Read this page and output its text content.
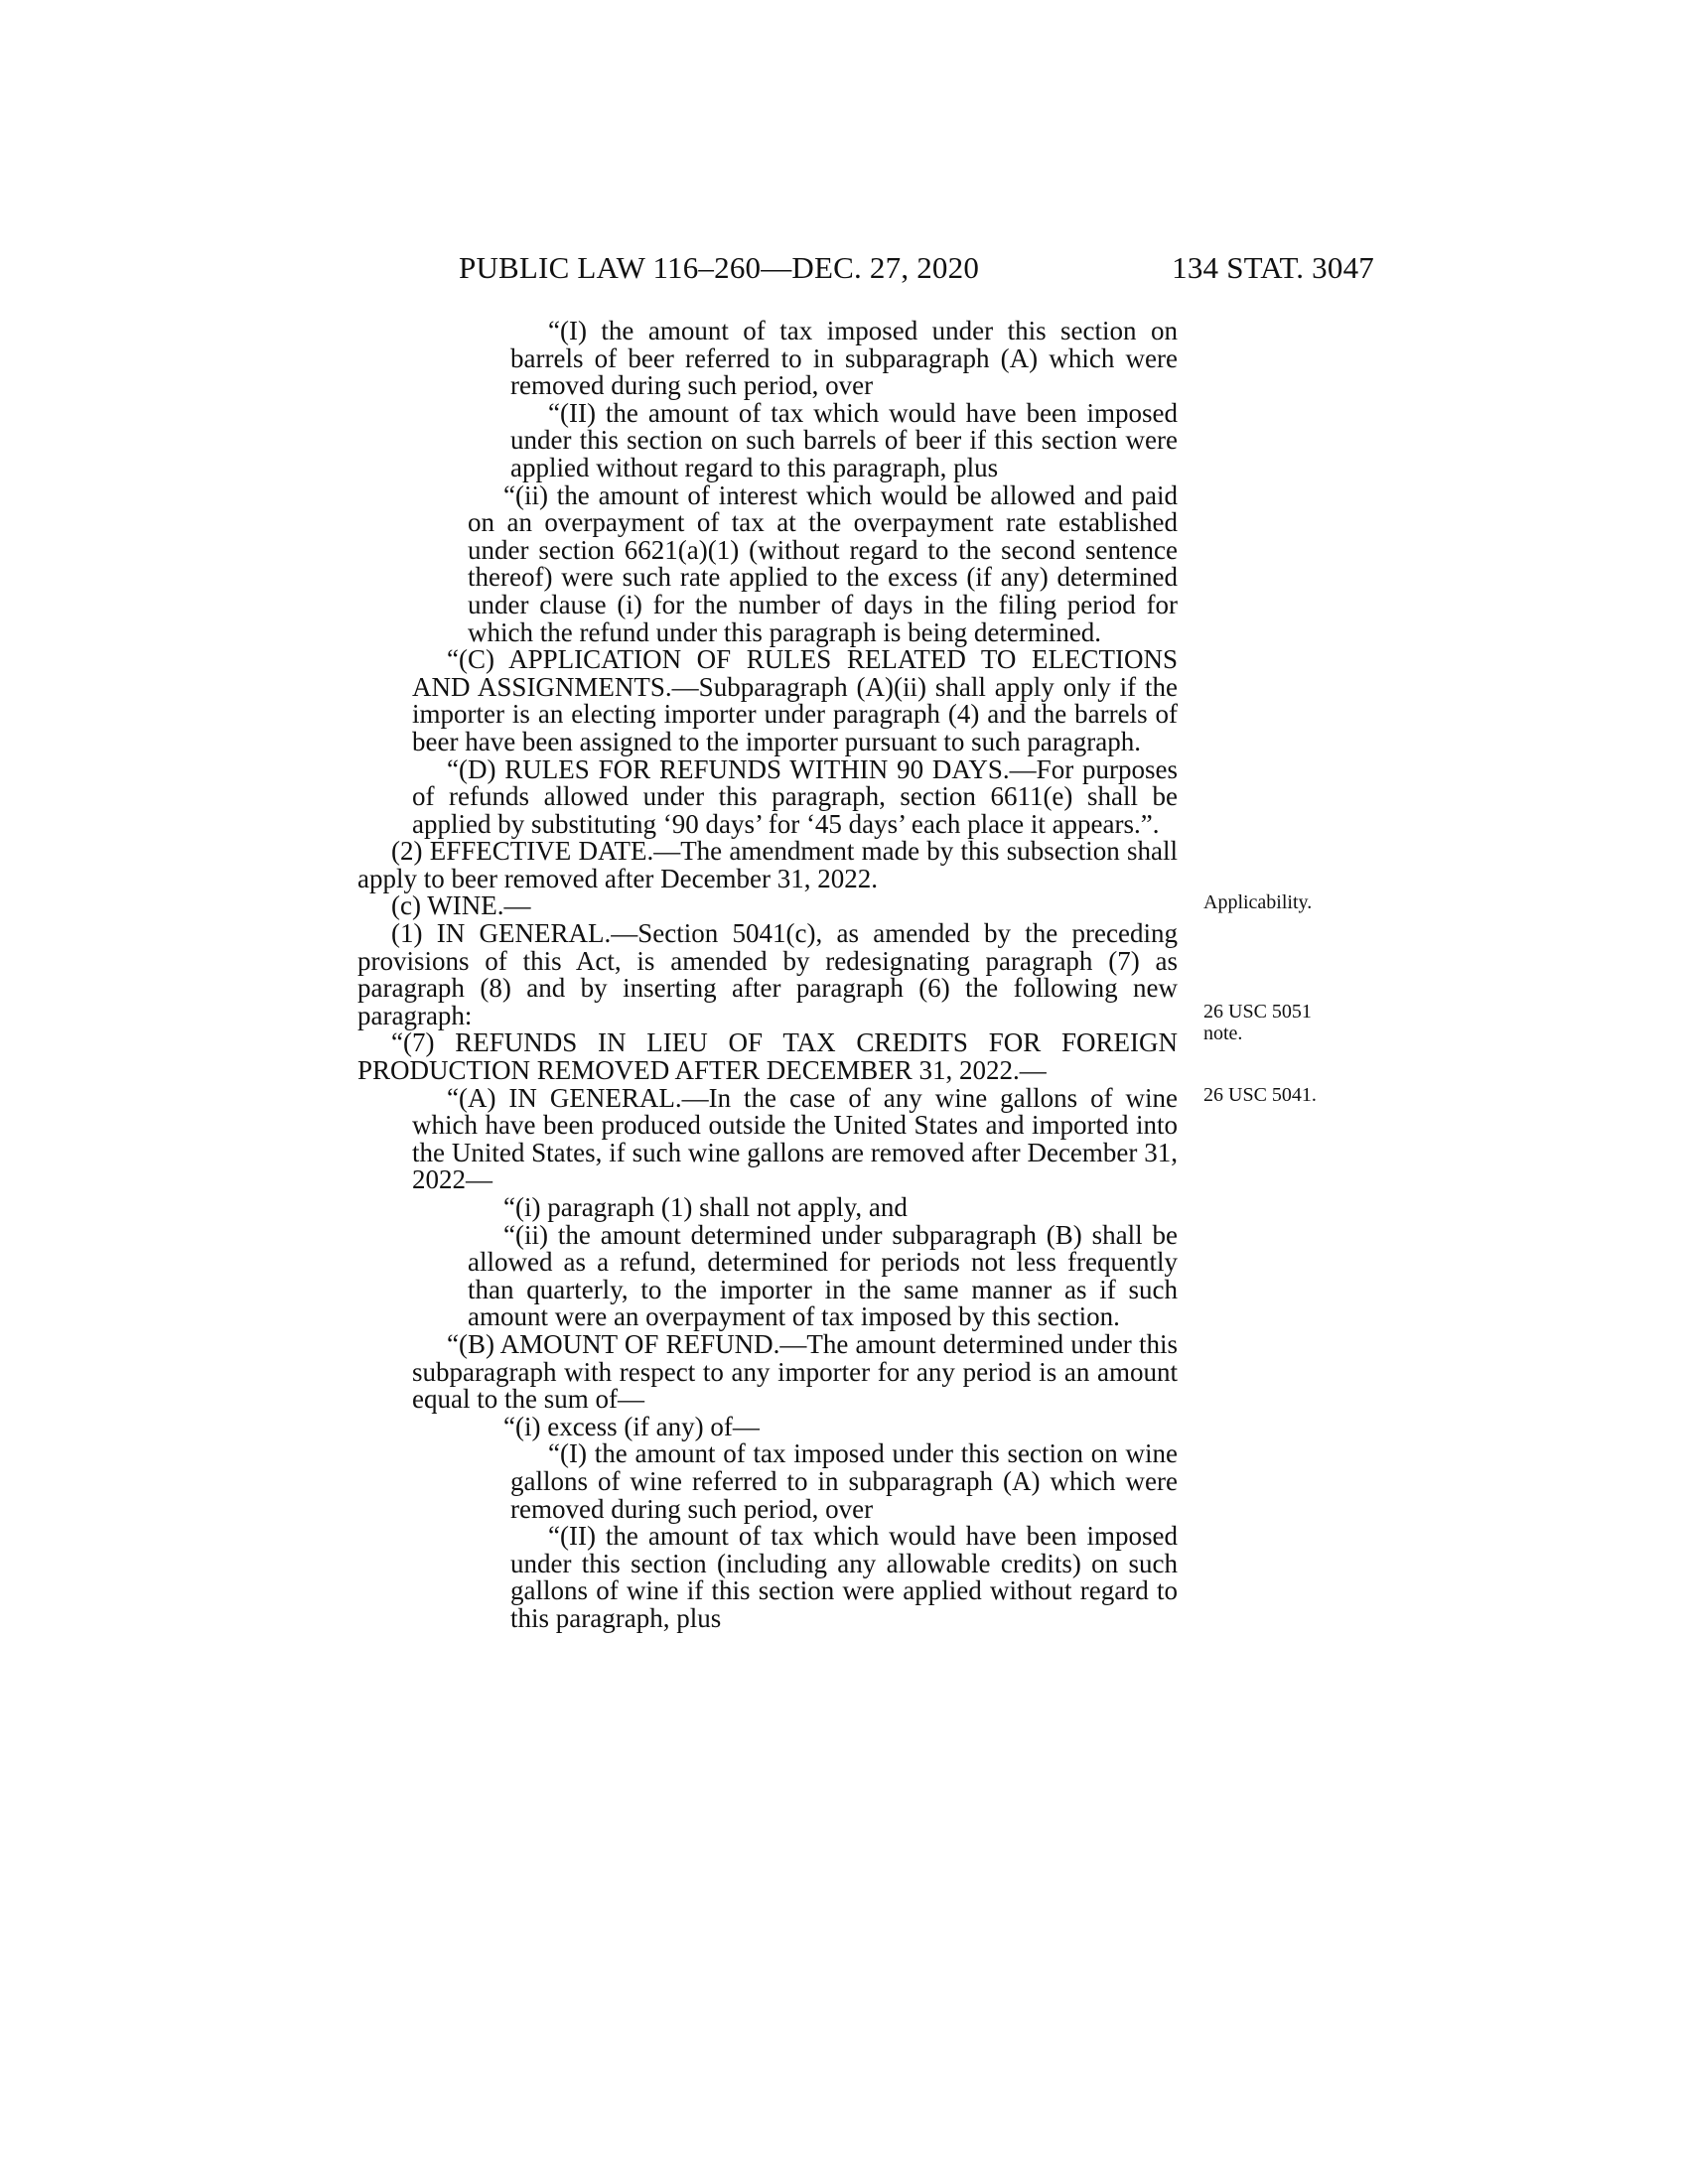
PUBLIC LAW 116–260—DEC. 27, 2020	134 STAT. 3047

“(I) the amount of tax imposed under this section on barrels of beer referred to in subparagraph (A) which were removed during such period, over

“(II) the amount of tax which would have been imposed under this section on such barrels of beer if this section were applied without regard to this paragraph, plus

“(ii) the amount of interest which would be allowed and paid on an overpayment of tax at the overpayment rate established under section 6621(a)(1) (without regard to the second sentence thereof) were such rate applied to the excess (if any) determined under clause (i) for the number of days in the filing period for which the refund under this paragraph is being determined.

“(C) APPLICATION OF RULES RELATED TO ELECTIONS AND ASSIGNMENTS.—Subparagraph (A)(ii) shall apply only if the importer is an electing importer under paragraph (4) and the barrels of beer have been assigned to the importer pursuant to such paragraph.

“(D) RULES FOR REFUNDS WITHIN 90 DAYS.—For purposes of refunds allowed under this paragraph, section 6611(e) shall be applied by substituting ‘90 days’ for ‘45 days’ each place it appears.”.

(2) EFFECTIVE DATE.—The amendment made by this subsection shall apply to beer removed after December 31, 2022.

(c) WINE.—

(1) IN GENERAL.—Section 5041(c), as amended by the preceding provisions of this Act, is amended by redesignating paragraph (7) as paragraph (8) and by inserting after paragraph (6) the following new paragraph:

“(7) REFUNDS IN LIEU OF TAX CREDITS FOR FOREIGN PRODUCTION REMOVED AFTER DECEMBER 31, 2022.—

“(A) IN GENERAL.—In the case of any wine gallons of wine which have been produced outside the United States and imported into the United States, if such wine gallons are removed after December 31, 2022—

“(i) paragraph (1) shall not apply, and

“(ii) the amount determined under subparagraph (B) shall be allowed as a refund, determined for periods not less frequently than quarterly, to the importer in the same manner as if such amount were an overpayment of tax imposed by this section.

“(B) AMOUNT OF REFUND.—The amount determined under this subparagraph with respect to any importer for any period is an amount equal to the sum of—

“(i) excess (if any) of—

“(I) the amount of tax imposed under this section on wine gallons of wine referred to in subparagraph (A) which were removed during such period, over

“(II) the amount of tax which would have been imposed under this section (including any allowable credits) on such gallons of wine if this section were applied without regard to this paragraph, plus

Applicability.
26 USC 5051 note.
26 USC 5041.
